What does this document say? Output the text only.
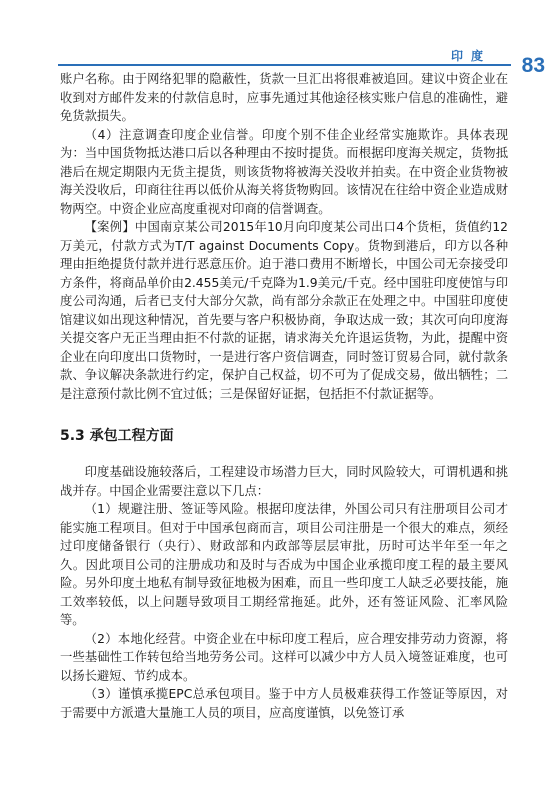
印度 83

账户名称。由于网络犯罪的隐蔽性，货款一旦汇出将很难被追回。建议中资企业在收到对方邮件发来的付款信息时，应事先通过其他途径核实账户信息的准确性，避免货款损失。

（4）注意调查印度企业信誉。印度个别不佳企业经常实施欺诈。具体表现为：当中国货物抵达港口后以各种理由不按时提货。而根据印度海关规定，货物抵港后在规定期限内无货主提货，则该货物将被海关没收并拍卖。在中资企业货物被海关没收后，印商往往再以低价从海关将货物购回。该情况在往给中资企业造成财物两空。中资企业应高度重视对印商的信誉调查。

【案例】中国南京某公司2015年10月向印度某公司出口4个货柜，货值约12万美元，付款方式为T/T against Documents Copy。货物到港后，印方以各种理由拒绝提货付款并进行恶意压价。迫于港口费用不断增长，中国公司无奈接受印方条件，将商品单价由2.455美元/千克降为1.9美元/千克。经中国驻印度使馆与印度公司沟通，后者已支付大部分欠款，尚有部分余款正在处理之中。中国驻印度使馆建议如出现这种情况，首先要与客户积极协商，争取达成一致；其次可向印度海关提交客户无正当理由拒不付款的证据，请求海关允许退运货物，为此，提醒中资企业在向印度出口货物时，一是进行客户资信调查，同时签订贸易合同，就付款条款、争议解决条款进行约定，保护自己权益，切不可为了促成交易，做出牺牲；二是注意预付款比例不宜过低；三是保留好证据，包括拒不付款证据等。

5.3 承包工程方面

印度基础设施较落后，工程建设市场潜力巨大，同时风险较大，可谓机遇和挑战并存。中国企业需要注意以下几点：

（1）规避注册、签证等风险。根据印度法律，外国公司只有注册项目公司才能实施工程项目。但对于中国承包商而言，项目公司注册是一个很大的难点，须经过印度储备银行（央行）、财政部和内政部等层层审批，历时可达半年至一年之久。因此项目公司的注册成功和及时与否成为中国企业承揽印度工程的最主要风险。另外印度土地私有制导致征地极为困难，而且一些印度工人缺乏必要技能，施工效率较低，以上问题导致项目工期经常拖延。此外，还有签证风险、汇率风险等。

（2）本地化经营。中资企业在中标印度工程后，应合理安排劳动力资源，将一些基础性工作转包给当地劳务公司。这样可以减少中方人员入境签证难度，也可以扬长避短、节约成本。

（3）谨慎承揽EPC总承包项目。鉴于中方人员极难获得工作签证等原因，对于需要中方派遣大量施工人员的项目，应高度谨慎，以免签订承
